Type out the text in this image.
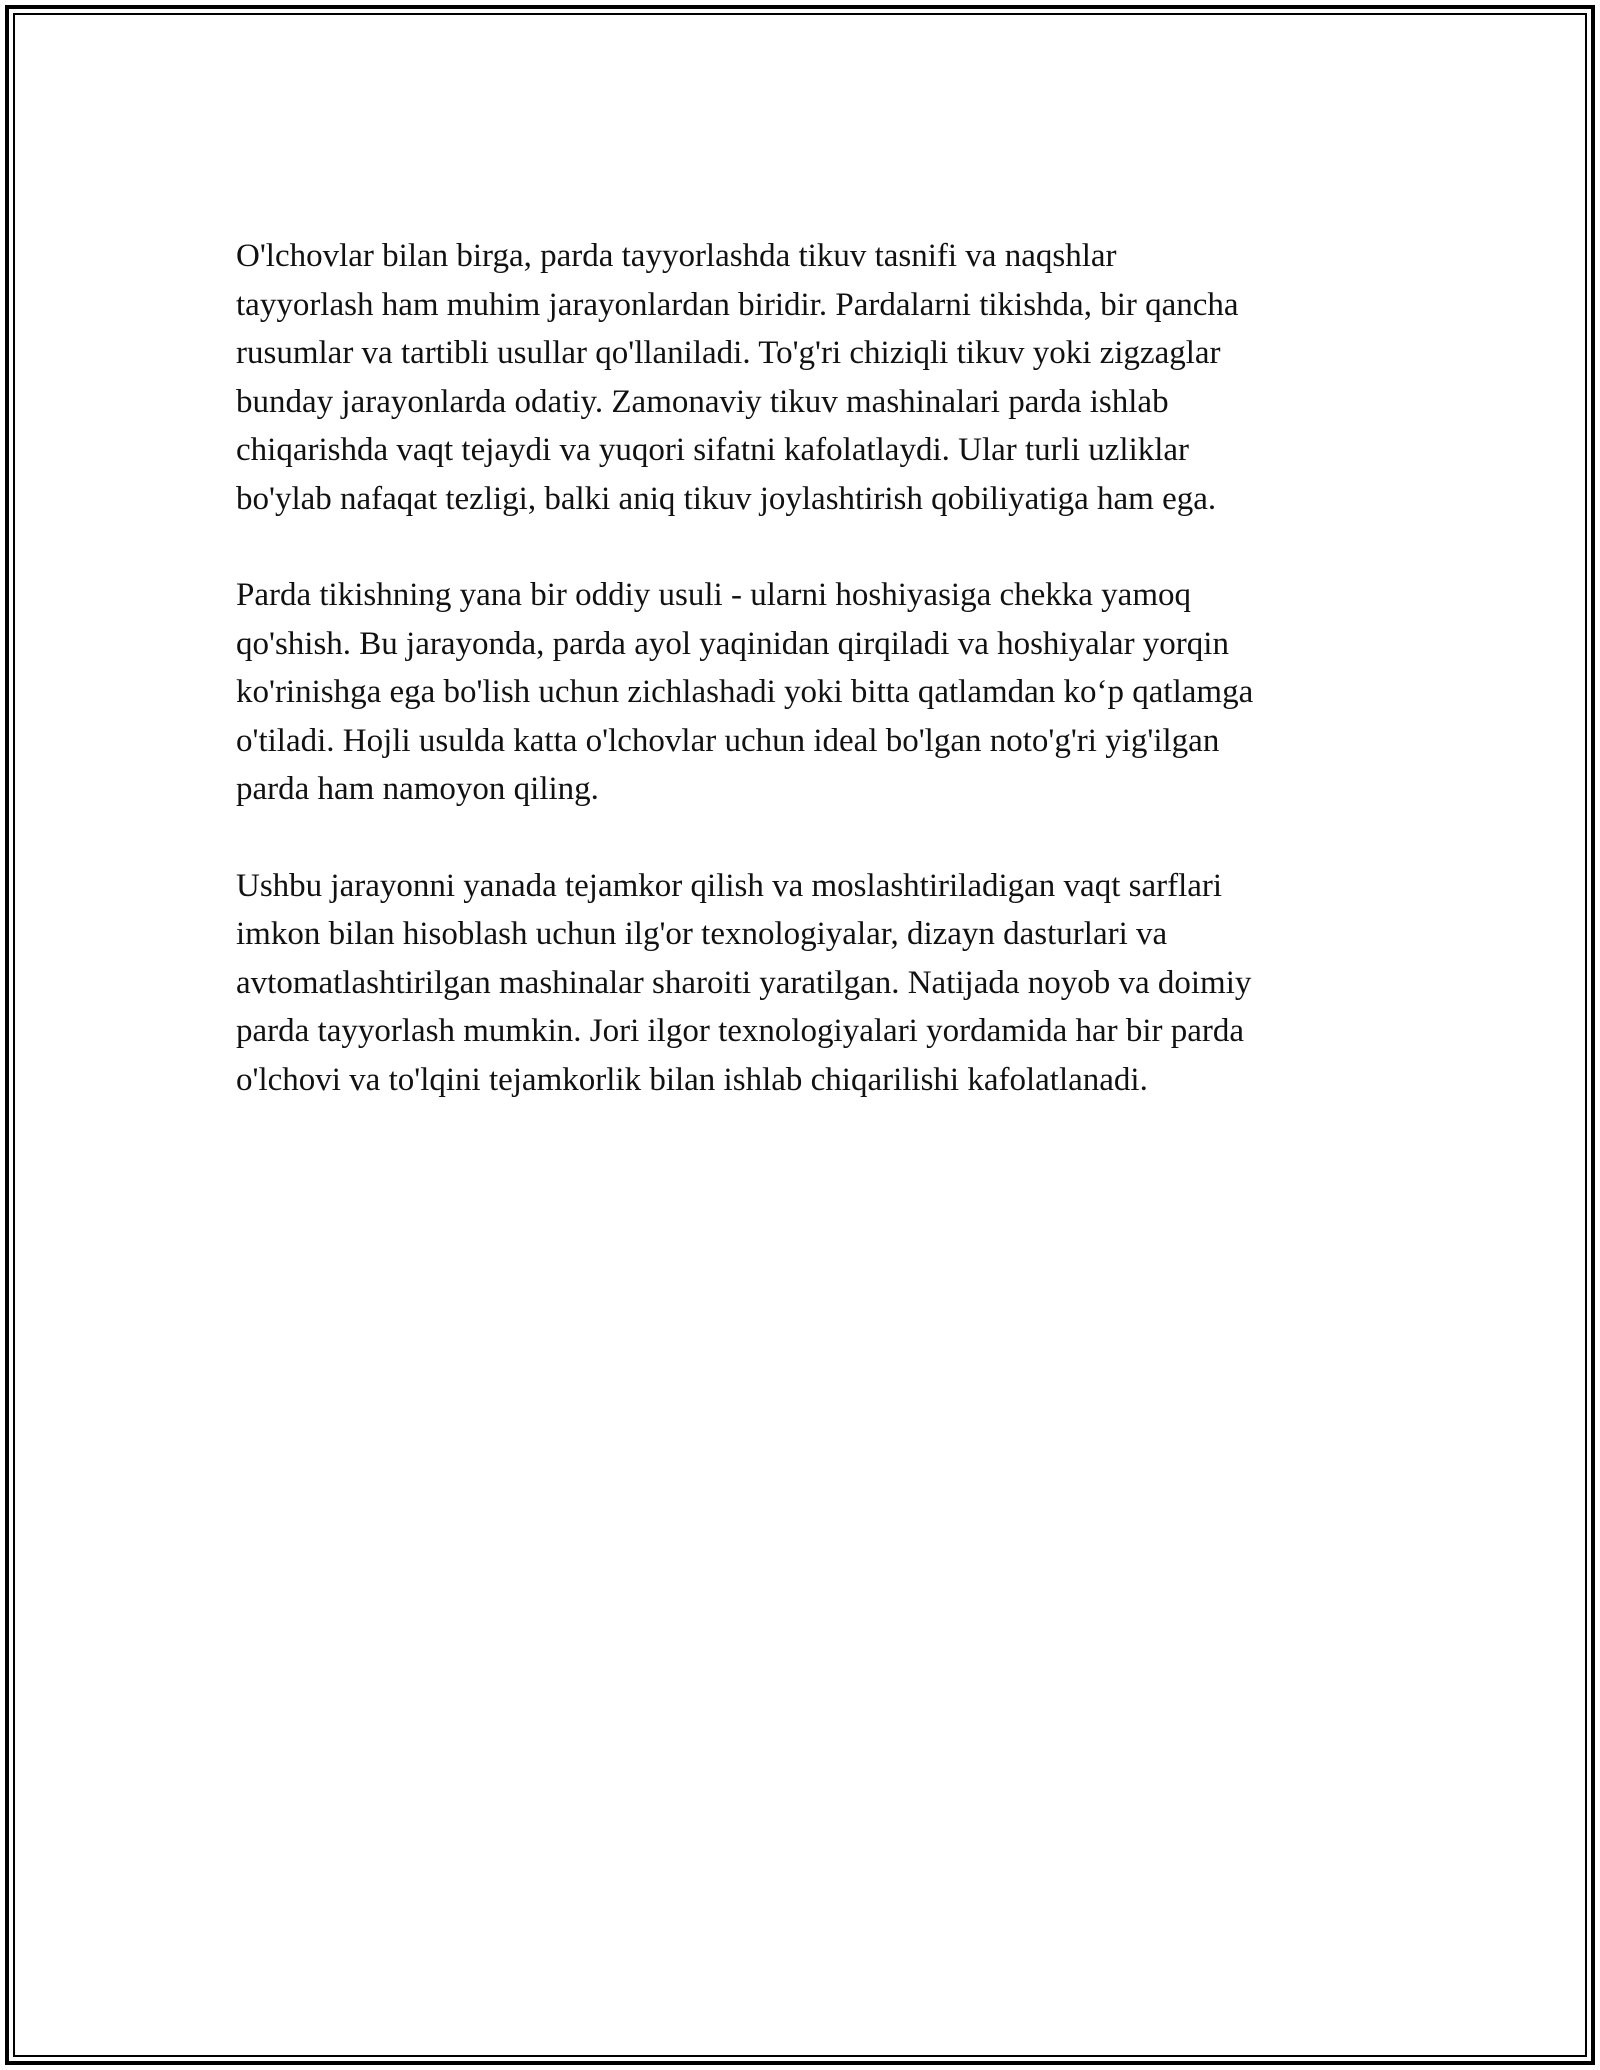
O'lchovlar bilan birga, parda tayyorlashda tikuv tasnifi va naqshlar
tayyorlash ham muhim jarayonlardan biridir. Pardalarni tikishda, bir qancha
rusumlar va tartibli usullar qo'llaniladi. To'g'ri chiziqli tikuv yoki zigzaglar
bunday jarayonlarda odatiy. Zamonaviy tikuv mashinalari parda ishlab
chiqarishda vaqt tejaydi va yuqori sifatni kafolatlaydi. Ular turli uzliklar
bo'ylab nafaqat tezligi, balki aniq tikuv joylashtirish qobiliyatiga ham ega.

Parda tikishning yana bir oddiy usuli - ularni hoshiyasiga chekka yamoq
qo'shish. Bu jarayonda, parda ayol yaqinidan qirqiladi va hoshiyalar yorqin
ko'rinishga ega bo'lish uchun zichlashadi yoki bitta qatlamdan ko‘p qatlamga
o'tiladi. Hojli usulda katta o'lchovlar uchun ideal bo'lgan noto'g'ri yig'ilgan
parda ham namoyon qiling.

Ushbu jarayonni yanada tejamkor qilish va moslashtiriladigan vaqt sarflari
imkon bilan hisoblash uchun ilg'or texnologiyalar, dizayn dasturlari va
avtomatlashtirilgan mashinalar sharoiti yaratilgan. Natijada noyob va doimiy
parda tayyorlash mumkin. Jori ilgor texnologiyalari yordamida har bir parda
o'lchovi va to'lqini tejamkorlik bilan ishlab chiqarilishi kafolatlanadi.
